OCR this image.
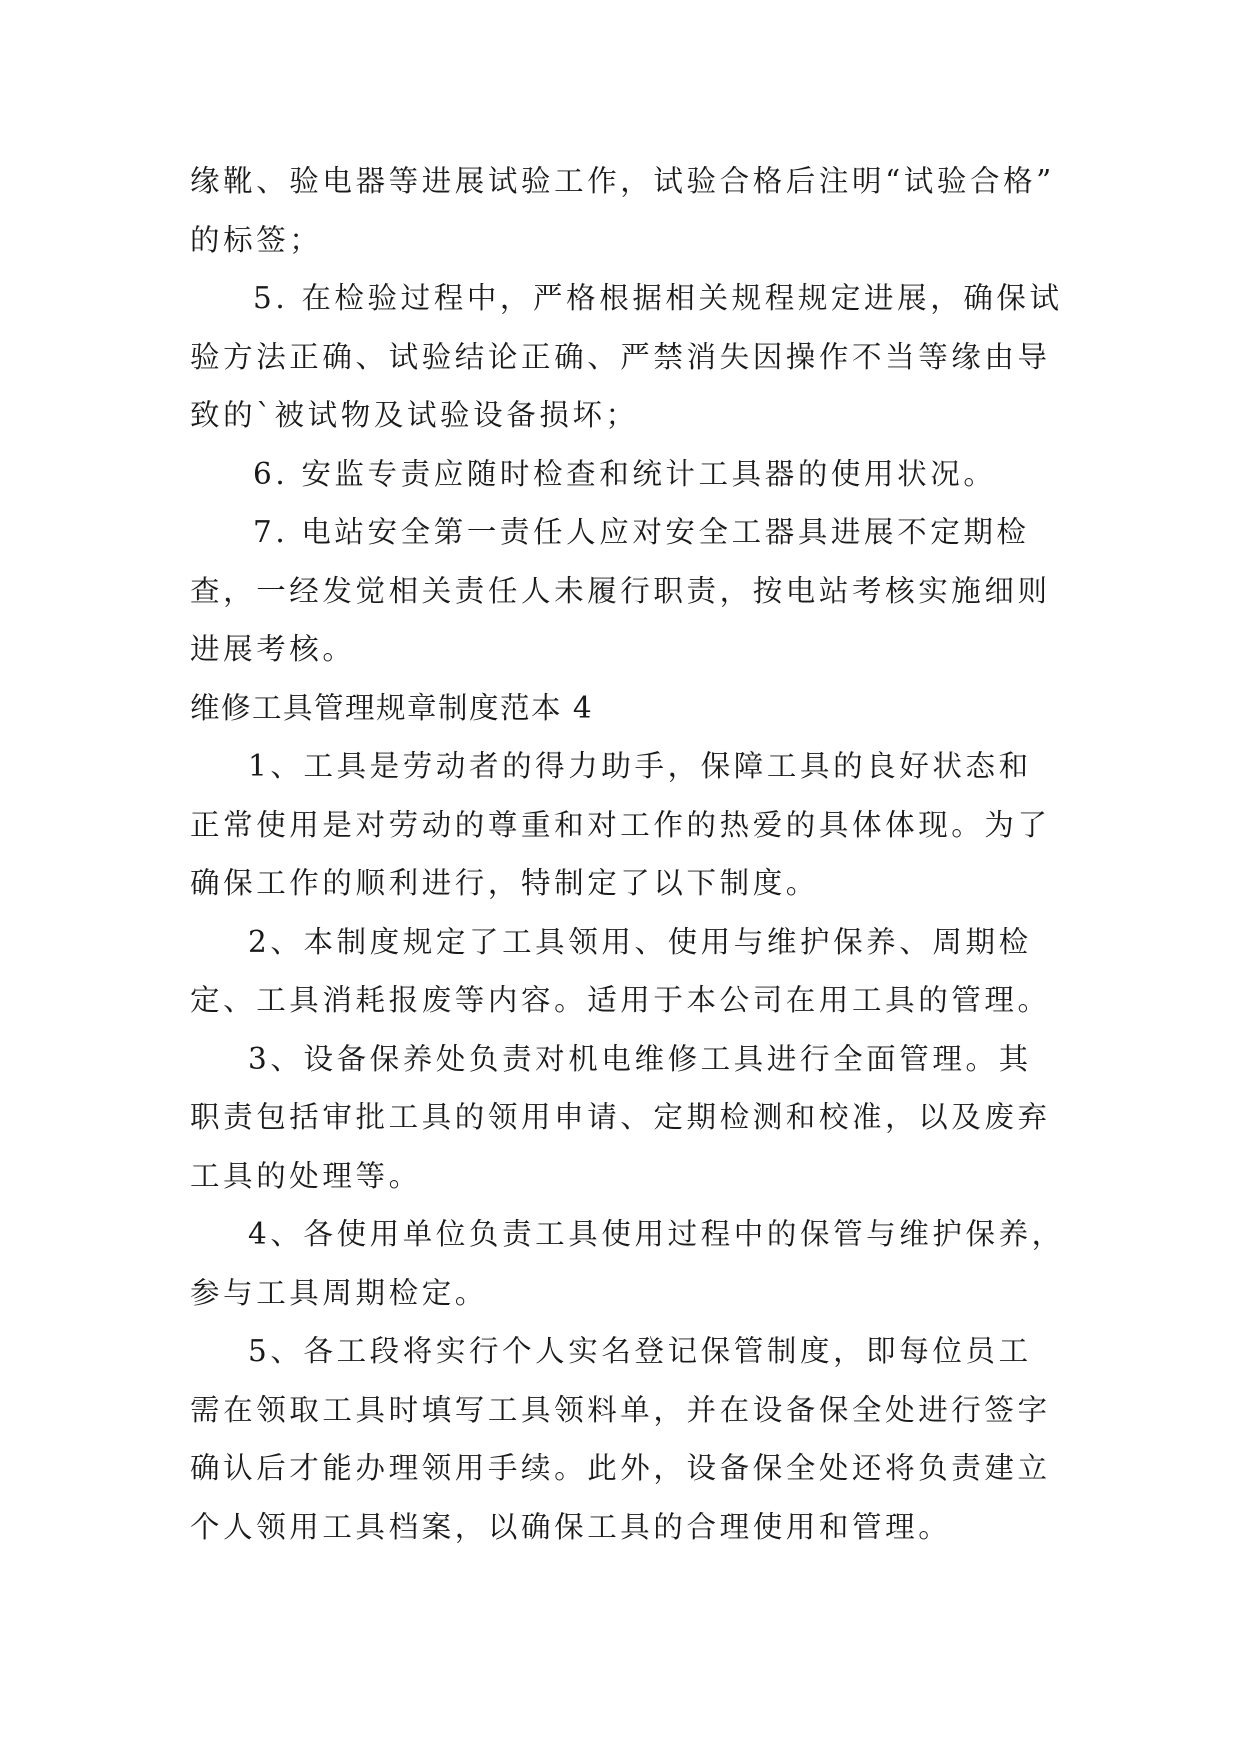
缘靴、验电器等进展试验工作，试验合格后注明“试验合格”
的标签；
5. 在检验过程中，严格根据相关规程规定进展，确保试
验方法正确、试验结论正确、严禁消失因操作不当等缘由导
致的`被试物及试验设备损坏；
6. 安监专责应随时检查和统计工具器的使用状况。
7. 电站安全第一责任人应对安全工器具进展不定期检
查，一经发觉相关责任人未履行职责，按电站考核实施细则
进展考核。
维修工具管理规章制度范本 4
1、工具是劳动者的得力助手，保障工具的良好状态和
正常使用是对劳动的尊重和对工作的热爱的具体体现。为了
确保工作的顺利进行，特制定了以下制度。
2、本制度规定了工具领用、使用与维护保养、周期检
定、工具消耗报废等内容。适用于本公司在用工具的管理。
3、设备保养处负责对机电维修工具进行全面管理。其
职责包括审批工具的领用申请、定期检测和校准，以及废弃
工具的处理等。
4、各使用单位负责工具使用过程中的保管与维护保养，
参与工具周期检定。
5、各工段将实行个人实名登记保管制度，即每位员工
需在领取工具时填写工具领料单，并在设备保全处进行签字
确认后才能办理领用手续。此外，设备保全处还将负责建立
个人领用工具档案，以确保工具的合理使用和管理。
